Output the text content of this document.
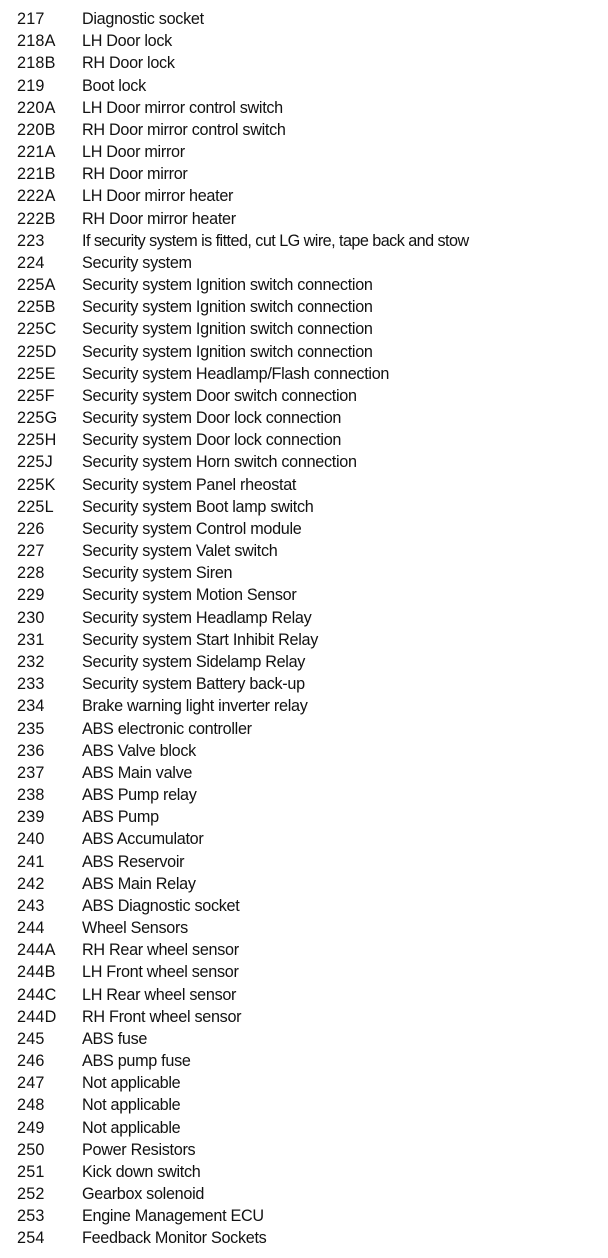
217 Diagnostic socket
218A LH Door lock
218B RH Door lock
219 Boot lock
220A LH Door mirror control switch
220B RH Door mirror control switch
221A LH Door mirror
221B RH Door mirror
222A LH Door mirror heater
222B RH Door mirror heater
223 If security system is fitted, cut LG wire, tape back and stow
224 Security system
225A Security system Ignition switch connection
225B Security system Ignition switch connection
225C Security system Ignition switch connection
225D Security system Ignition switch connection
225E Security system Headlamp/Flash connection
225F Security system Door switch connection
225G Security system Door lock connection
225H Security system Door lock connection
225J Security system Horn switch connection
225K Security system Panel rheostat
225L Security system Boot lamp switch
226 Security system Control module
227 Security system Valet switch
228 Security system Siren
229 Security system Motion Sensor
230 Security system Headlamp Relay
231 Security system Start Inhibit Relay
232 Security system Sidelamp Relay
233 Security system Battery back-up
234 Brake warning light inverter relay
235 ABS electronic controller
236 ABS Valve block
237 ABS Main valve
238 ABS Pump relay
239 ABS Pump
240 ABS Accumulator
241 ABS Reservoir
242 ABS Main Relay
243 ABS Diagnostic socket
244 Wheel Sensors
244A RH Rear wheel sensor
244B LH Front wheel sensor
244C LH Rear wheel sensor
244D RH Front wheel sensor
245 ABS fuse
246 ABS pump fuse
247 Not applicable
248 Not applicable
249 Not applicable
250 Power Resistors
251 Kick down switch
252 Gearbox solenoid
253 Engine Management ECU
254 Feedback Monitor Sockets
